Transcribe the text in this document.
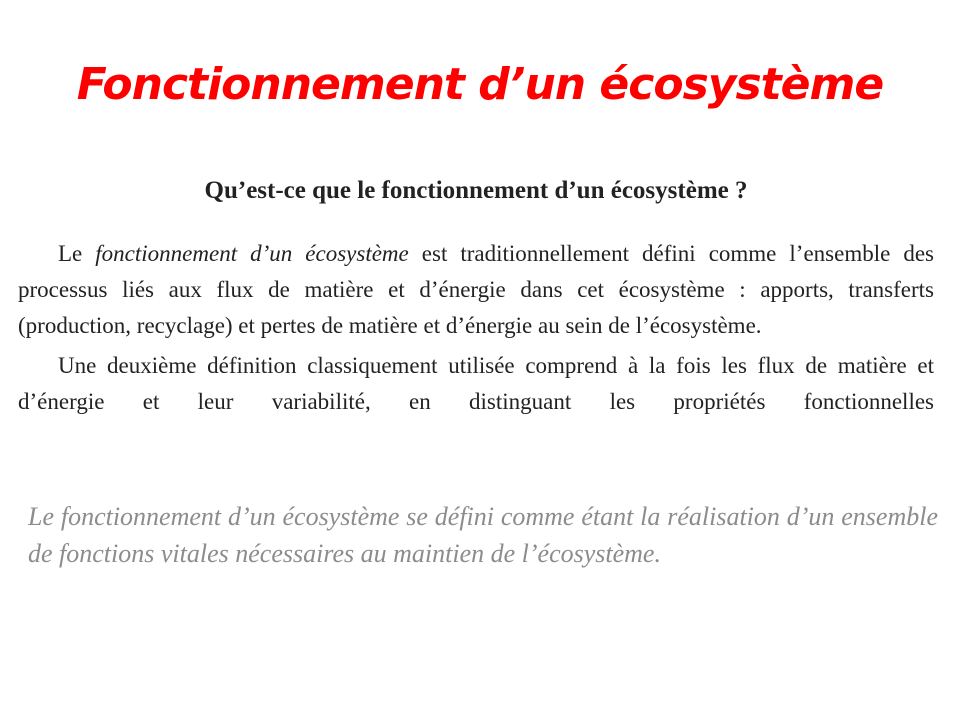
Fonctionnement d’un écosystème
Qu’est-ce que le fonctionnement d’un écosystème ?

Le fonctionnement d’un écosystème est traditionnellement défini comme l’ensemble des processus liés aux flux de matière et d’énergie dans cet écosystème : apports, transferts (production, recyclage) et pertes de matière et d’énergie au sein de l’écosystème.

Une deuxième définition classiquement utilisée comprend à la fois les flux de matière et d’énergie et leur variabilité, en distinguant les propriétés fonctionnelles

Le fonctionnement d’un écosystème se défini comme étant la réalisation d’un ensemble de fonctions vitales nécessaires au maintien de l’écosystème.
